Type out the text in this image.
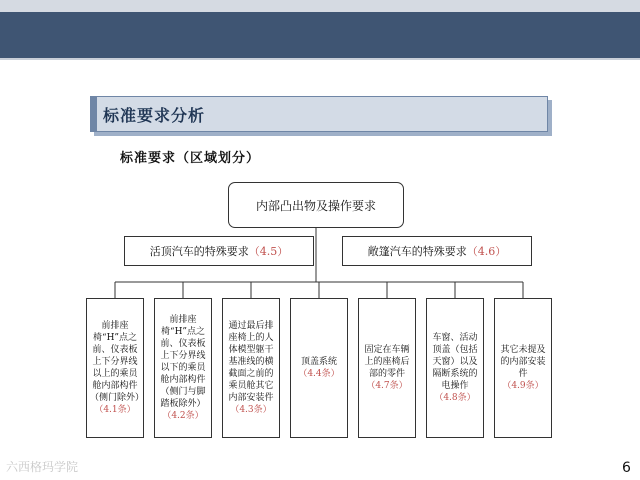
标准要求分析
标准要求（区域划分）
内部凸出物及操作要求
活顶汽车的特殊要求（4.5）	敞篷汽车的特殊要求（4.6）
前排座椅“H”点之前、仪表板上下分界线以上的乘员舱内部构件（侧门除外）
（4.1条）
前排座椅“H”点之前、仪表板上下分界线以下的乘员舱内部构件（侧门与脚踏板除外）
（4.2条）
通过最后排座椅上的人体模型躯干基准线的横截面之前的乘员舱其它内部安装件
（4.3条）
顶盖系统
（4.4条）
固定在车辆上的座椅后部的零件
（4.7条）
车窗、活动顶盖（包括天窗）以及隔断系统的电操作
（4.8条）
其它未提及的内部安装件
（4.9条）
六西格玛学院	6
